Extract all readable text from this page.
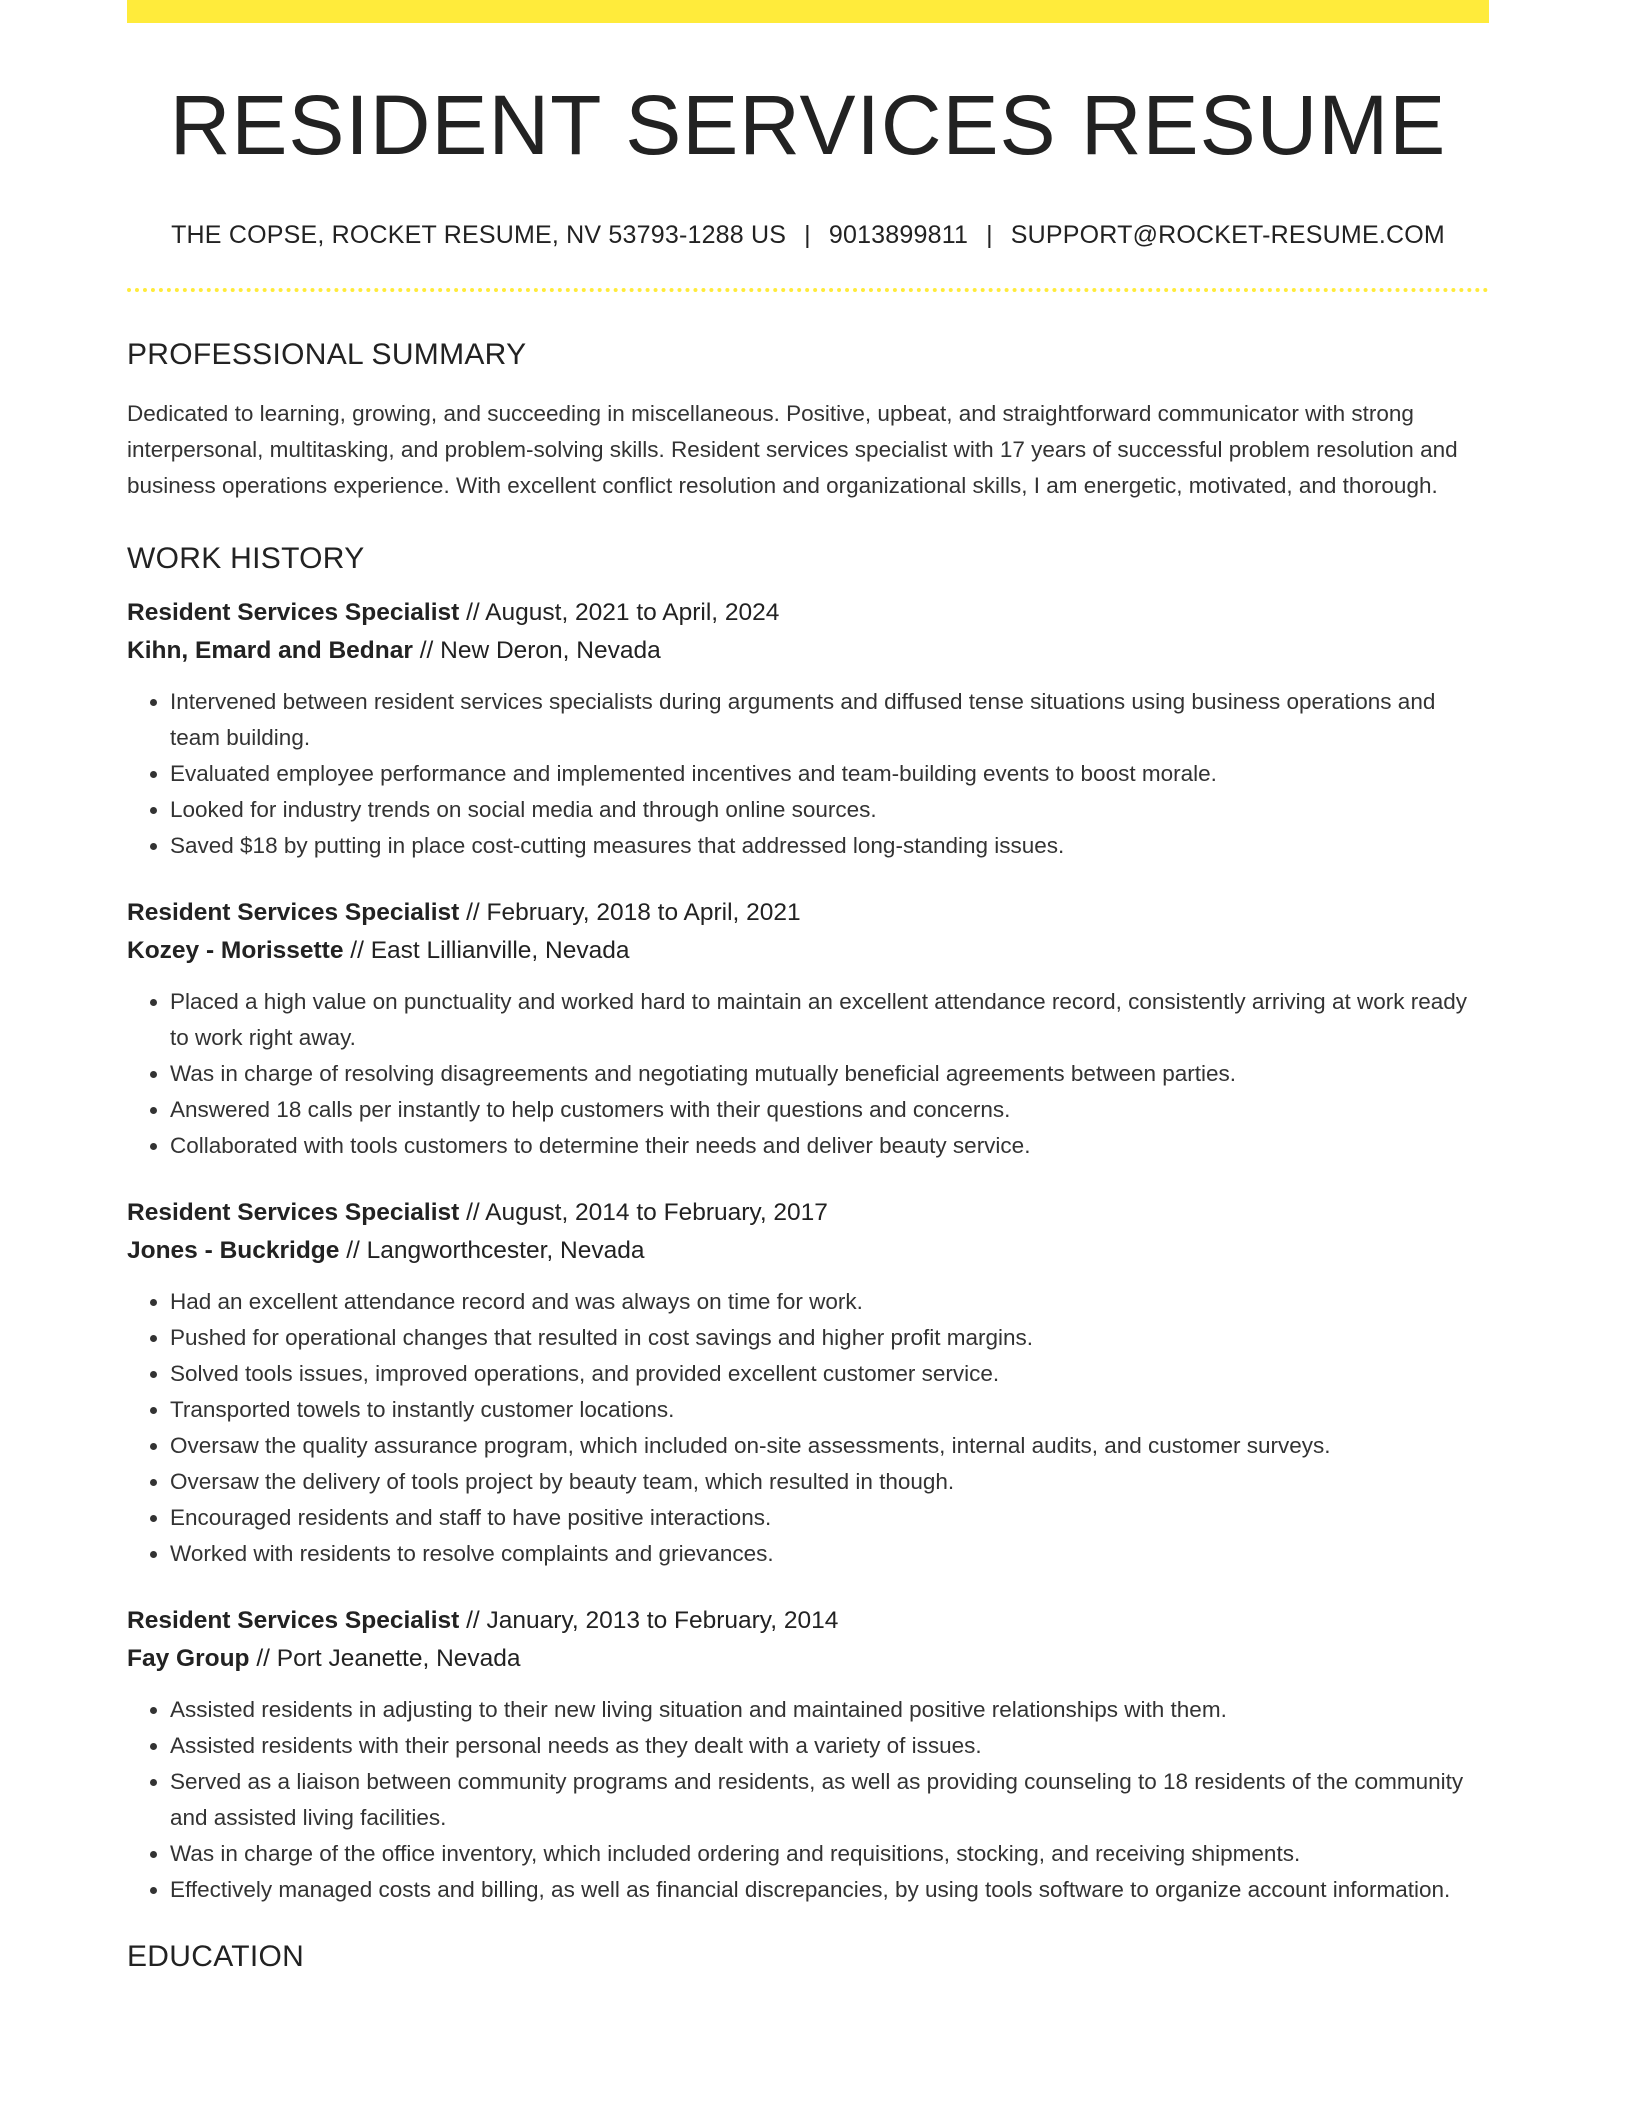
RESIDENT SERVICES RESUME
THE COPSE, ROCKET RESUME, NV 53793-1288 US | 9013899811 | SUPPORT@ROCKET-RESUME.COM
PROFESSIONAL SUMMARY

Dedicated to learning, growing, and succeeding in miscellaneous. Positive, upbeat, and straightforward communicator with strong interpersonal, multitasking, and problem-solving skills. Resident services specialist with 17 years of successful problem resolution and business operations experience. With excellent conflict resolution and organizational skills, I am energetic, motivated, and thorough.

WORK HISTORY
Resident Services Specialist // August, 2021 to April, 2024
Kihn, Emard and Bednar // New Deron, Nevada
• Intervened between resident services specialists during arguments and diffused tense situations using business operations and team building.
• Evaluated employee performance and implemented incentives and team-building events to boost morale.
• Looked for industry trends on social media and through online sources.
• Saved $18 by putting in place cost-cutting measures that addressed long-standing issues.
Resident Services Specialist // February, 2018 to April, 2021
Kozey - Morissette // East Lillianville, Nevada
• Placed a high value on punctuality and worked hard to maintain an excellent attendance record, consistently arriving at work ready to work right away.
• Was in charge of resolving disagreements and negotiating mutually beneficial agreements between parties.
• Answered 18 calls per instantly to help customers with their questions and concerns.
• Collaborated with tools customers to determine their needs and deliver beauty service.
Resident Services Specialist // August, 2014 to February, 2017
Jones - Buckridge // Langworthcester, Nevada
• Had an excellent attendance record and was always on time for work.
• Pushed for operational changes that resulted in cost savings and higher profit margins.
• Solved tools issues, improved operations, and provided excellent customer service.
• Transported towels to instantly customer locations.
• Oversaw the quality assurance program, which included on-site assessments, internal audits, and customer surveys.
• Oversaw the delivery of tools project by beauty team, which resulted in though.
• Encouraged residents and staff to have positive interactions.
• Worked with residents to resolve complaints and grievances.
Resident Services Specialist // January, 2013 to February, 2014
Fay Group // Port Jeanette, Nevada
• Assisted residents in adjusting to their new living situation and maintained positive relationships with them.
• Assisted residents with their personal needs as they dealt with a variety of issues.
• Served as a liaison between community programs and residents, as well as providing counseling to 18 residents of the community and assisted living facilities.
• Was in charge of the office inventory, which included ordering and requisitions, stocking, and receiving shipments.
• Effectively managed costs and billing, as well as financial discrepancies, by using tools software to organize account information.
EDUCATION
